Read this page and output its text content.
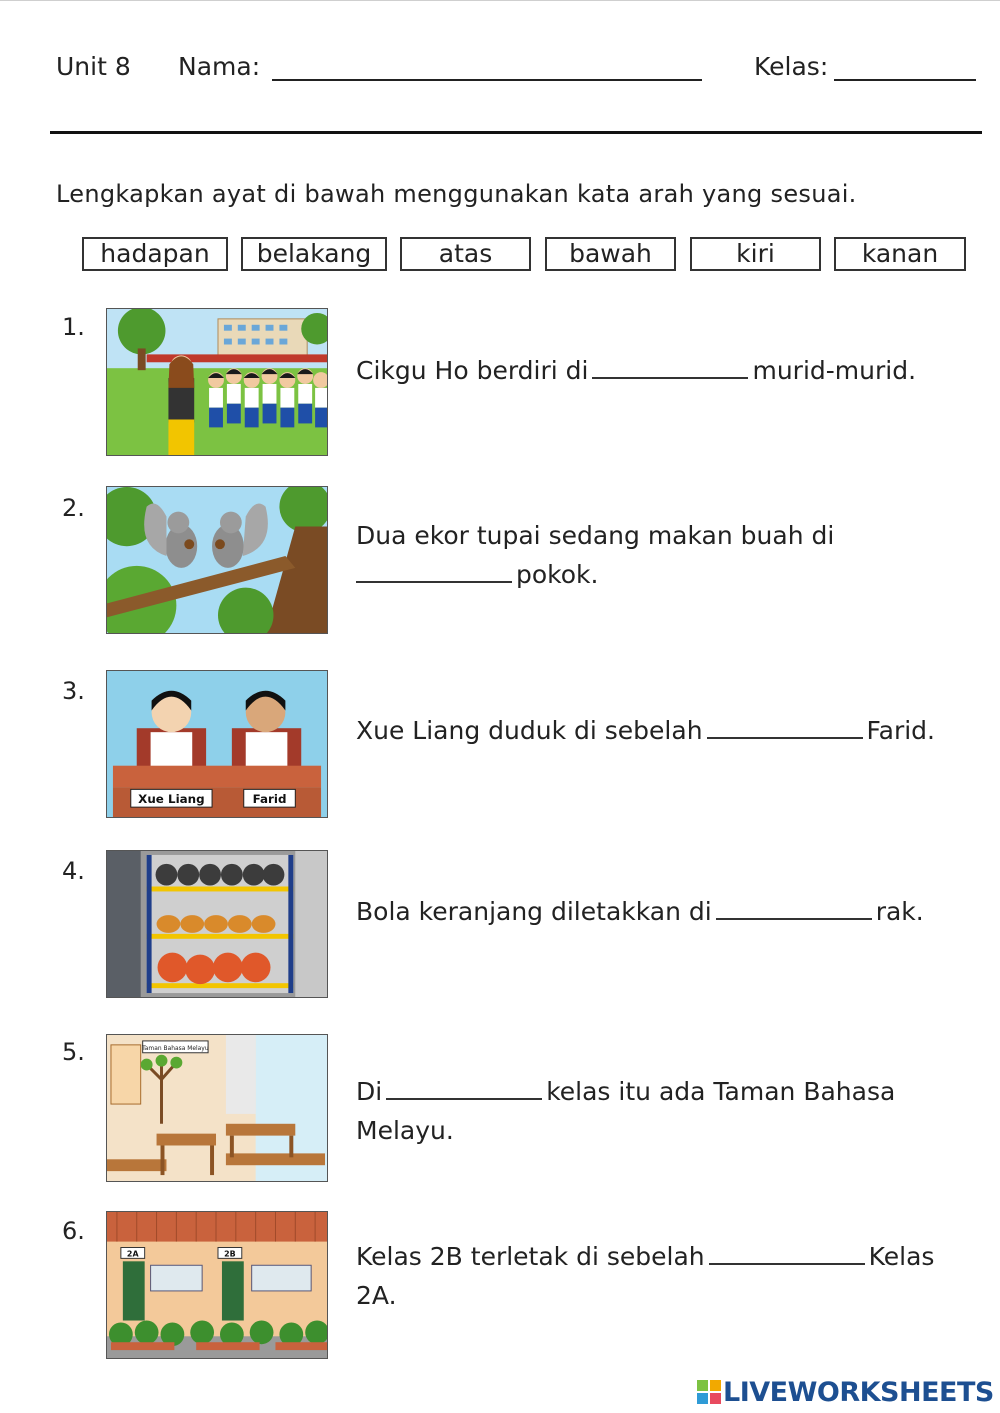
Unit 8 Nama:	Kelas:
Lengkapkan ayat di bawah menggunakan kata arah yang sesuai.
hadapan	belakang	atas	bawah	kiri	kanan
1.
Cikgu Ho berdiri di	murid-murid.
2.
Dua ekor tupai sedang makan buah di
pokok.
3.
Xue Liang	Farid
Xue Liang duduk di sebelah	Farid.
4.
Bola keranjang diletakkan di	rak.
5.	Taman Bahasa Melayu
Di	kelas itu ada Taman Bahasa
Melayu.
6.
2A	2B	Kelas 2B terletak di sebelah	Kelas
2A.
LIVEWORKSHEETS
